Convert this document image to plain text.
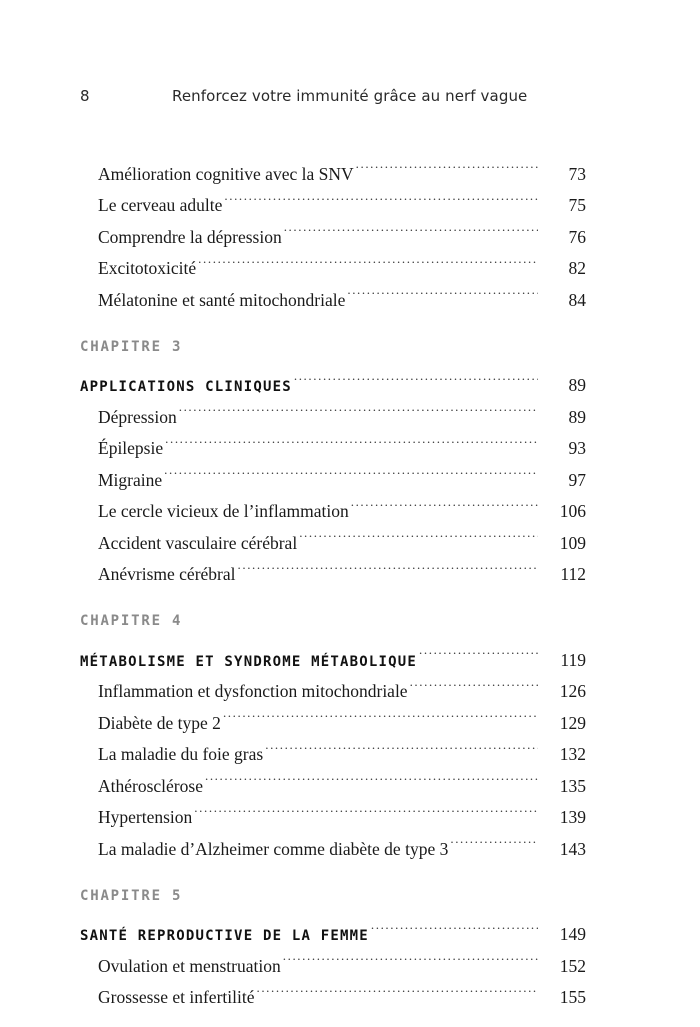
8	Renforcez votre immunité grâce au nerf vague
Amélioration cognitive avec la SNV .....	73
Le cerveau adulte .....	75
Comprendre la dépression .....	76
Excitotoxicité .....	82
Mélatonine et santé mitochondriale .....	84
CHAPITRE 3
APPLICATIONS CLINIQUES .....	89
Dépression .....	89
Épilepsie .....	93
Migraine .....	97
Le cercle vicieux de l’inflammation .....	106
Accident vasculaire cérébral .....	109
Anévrisme cérébral .....	112
CHAPITRE 4
MÉTABOLISME ET SYNDROME MÉTABOLIQUE .....	119
Inflammation et dysfonction mitochondriale .....	126
Diabète de type 2 .....	129
La maladie du foie gras .....	132
Athérosclérose .....	135
Hypertension .....	139
La maladie d’Alzheimer comme diabète de type 3 .....	143
CHAPITRE 5
SANTÉ REPRODUCTIVE DE LA FEMME .....	149
Ovulation et menstruation .....	152
Grossesse et infertilité .....	155
